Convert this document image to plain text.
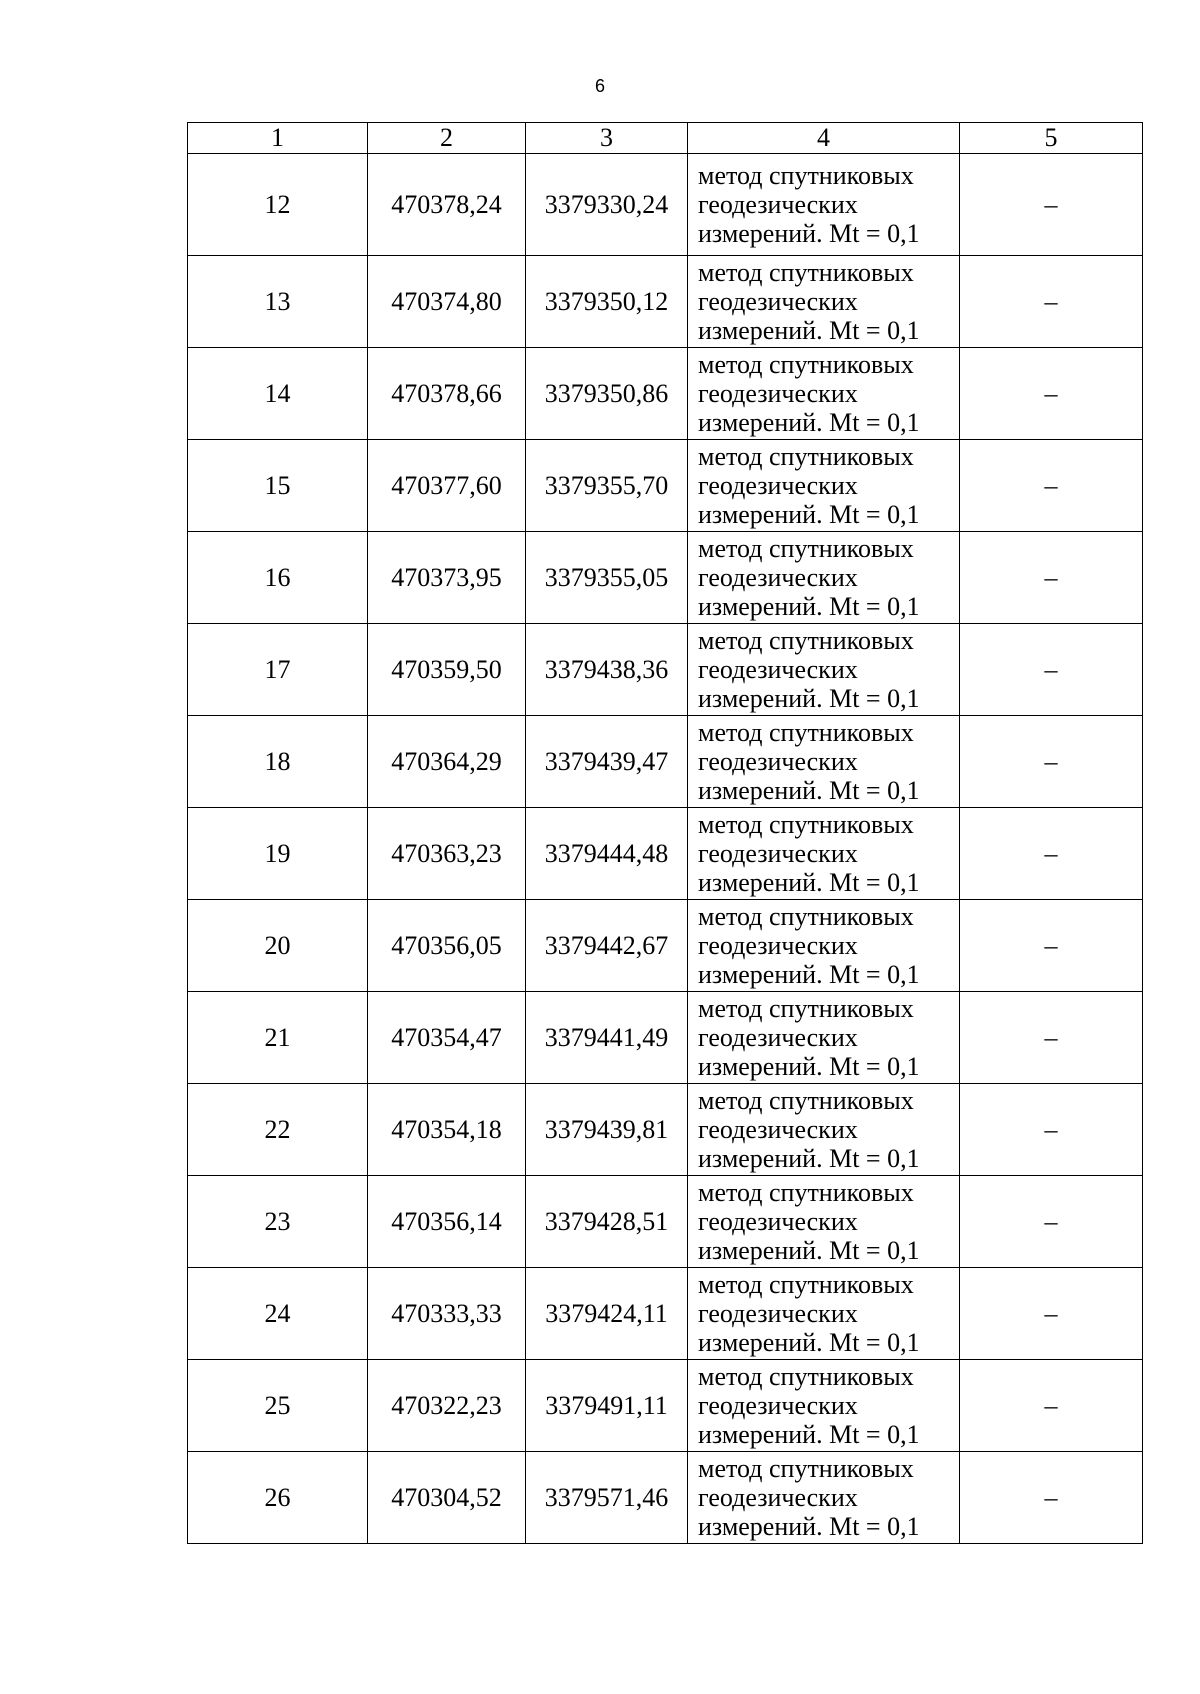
6
1	2	3	4	5
12	470378,24	3379330,24	метод спутниковых
геодезических
измерений. Mt = 0,1	–
13	470374,80	3379350,12	метод спутниковых
геодезических
измерений. Mt = 0,1	–
14	470378,66	3379350,86	метод спутниковых
геодезических
измерений. Mt = 0,1	–
15	470377,60	3379355,70	метод спутниковых
геодезических
измерений. Mt = 0,1	–
16	470373,95	3379355,05	метод спутниковых
геодезических
измерений. Mt = 0,1	–
17	470359,50	3379438,36	метод спутниковых
геодезических
измерений. Mt = 0,1	–
18	470364,29	3379439,47	метод спутниковых
геодезических
измерений. Mt = 0,1	–
19	470363,23	3379444,48	метод спутниковых
геодезических
измерений. Mt = 0,1	–
20	470356,05	3379442,67	метод спутниковых
геодезических
измерений. Mt = 0,1	–
21	470354,47	3379441,49	метод спутниковых
геодезических
измерений. Mt = 0,1	–
22	470354,18	3379439,81	метод спутниковых
геодезических
измерений. Mt = 0,1	–
23	470356,14	3379428,51	метод спутниковых
геодезических
измерений. Mt = 0,1	–
24	470333,33	3379424,11	метод спутниковых
геодезических
измерений. Mt = 0,1	–
25	470322,23	3379491,11	метод спутниковых
геодезических
измерений. Mt = 0,1	–
26	470304,52	3379571,46	метод спутниковых
геодезических
измерений. Mt = 0,1	–
